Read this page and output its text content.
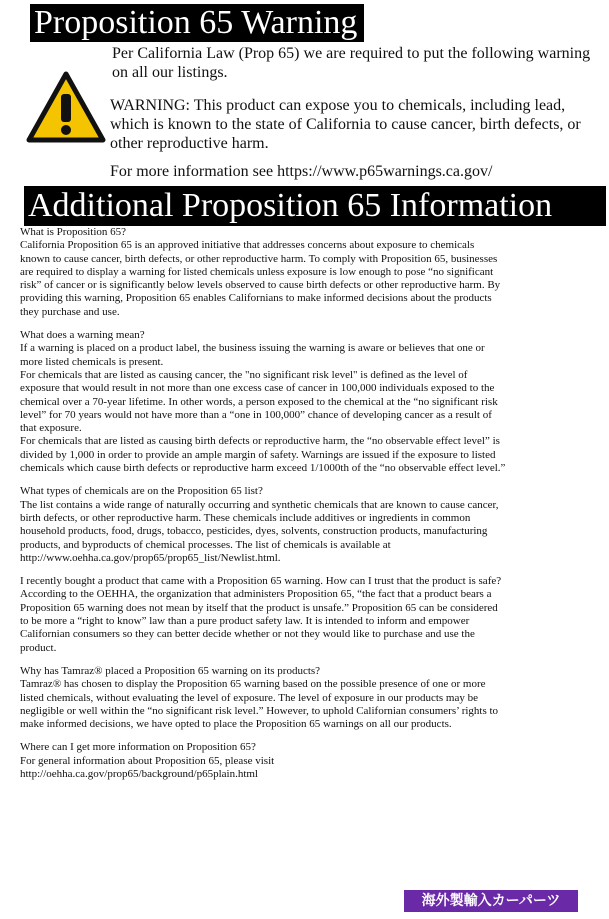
Proposition 65 Warning
Per California Law (Prop 65) we are required to put the following warning on all our listings.
WARNING: This product can expose you to chemicals, including lead, which is known to the state of California to cause cancer, birth defects, or other reproductive harm.
For more information see https://www.p65warnings.ca.gov/
Additional Proposition 65 Information

What is Proposition 65?

California Proposition 65 is an approved initiative that addresses concerns about exposure to chemicals known to cause cancer, birth defects, or other reproductive harm. To comply with Proposition 65, businesses are required to display a warning for listed chemicals unless exposure is low enough to pose “no significant risk” of cancer or is significantly below levels observed to cause birth defects or other reproductive harm. By providing this warning, Proposition 65 enables Californians to make informed decisions about the products they purchase and use.

What does a warning mean?

If a warning is placed on a product label, the business issuing the warning is aware or believes that one or more listed chemicals is present.

For chemicals that are listed as causing cancer, the "no significant risk level" is defined as the level of exposure that would result in not more than one excess case of cancer in 100,000 individuals exposed to the chemical over a 70-year lifetime. In other words, a person exposed to the chemical at the “no significant risk level” for 70 years would not have more than a “one in 100,000” chance of developing cancer as a result of that exposure.

For chemicals that are listed as causing birth defects or reproductive harm, the “no observable effect level” is divided by 1,000 in order to provide an ample margin of safety. Warnings are issued if the exposure to listed chemicals which cause birth defects or reproductive harm exceed 1/1000th of the “no observable effect level.”

What types of chemicals are on the Proposition 65 list?

The list contains a wide range of naturally occurring and synthetic chemicals that are known to cause cancer, birth defects, or other reproductive harm. These chemicals include additives or ingredients in common household products, food, drugs, tobacco, pesticides, dyes, solvents, construction products, manufacturing products, and byproducts of chemical processes. The list of chemicals is available at http://www.oehha.ca.gov/prop65/prop65_list/Newlist.html.

I recently bought a product that came with a Proposition 65 warning. How can I trust that the product is safe?

According to the OEHHA, the organization that administers Proposition 65, “the fact that a product bears a Proposition 65 warning does not mean by itself that the product is unsafe.” Proposition 65 can be considered to be more a “right to know” law than a pure product safety law. It is intended to inform and empower Californian consumers so they can better decide whether or not they would like to purchase and use the product.

Why has Tamraz® placed a Proposition 65 warning on its products?

Tamraz® has chosen to display the Proposition 65 warning based on the possible presence of one or more listed chemicals, without evaluating the level of exposure. The level of exposure in our products may be negligible or well within the “no significant risk level.” However, to uphold Californian consumers’ rights to make informed decisions, we have opted to place the Proposition 65 warnings on all our products.

Where can I get more information on Proposition 65?

For general information about Proposition 65, please visit http://oehha.ca.gov/prop65/background/p65plain.html

海外製輸入カーパーツ
